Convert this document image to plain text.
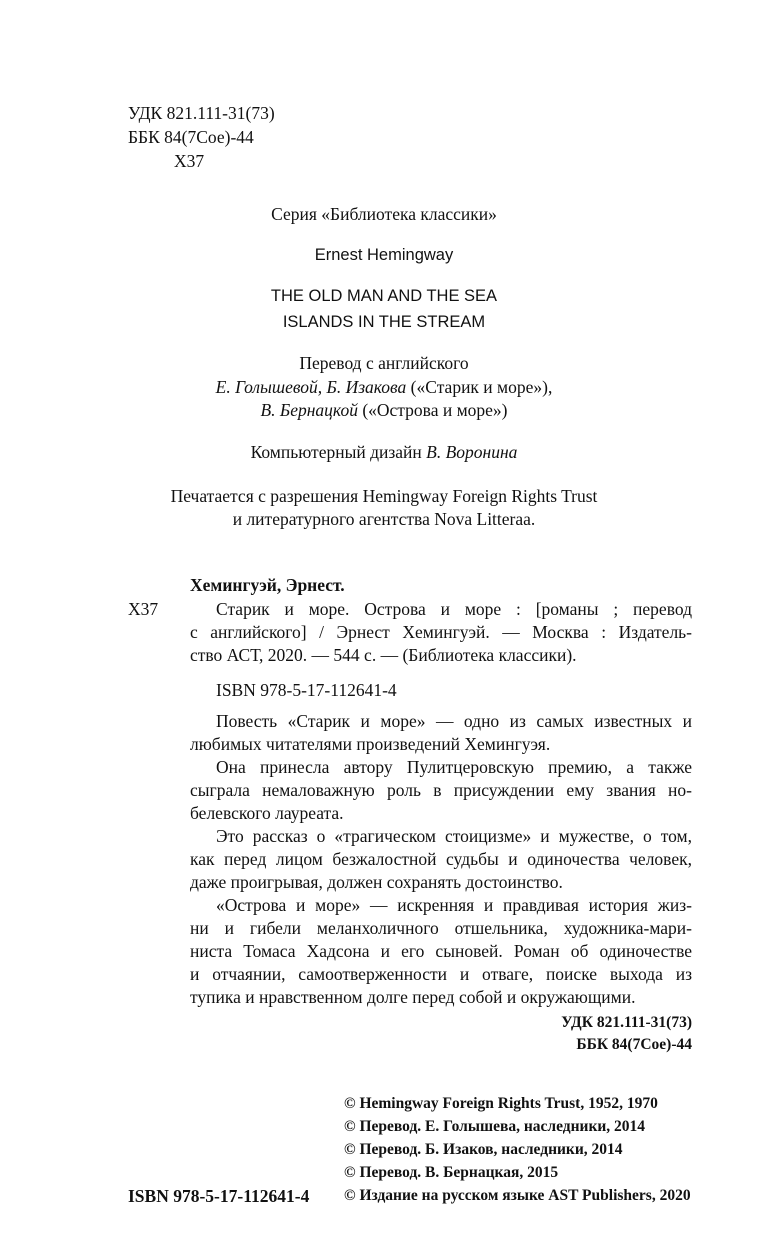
УДК 821.111-31(73)
ББК 84(7Сое)-44
Х37
Серия «Библиотека классики»
Ernest Hemingway
THE OLD MAN AND THE SEA
ISLANDS IN THE STREAM
Перевод с английского
Е. Голышевой, Б. Изакова («Старик и море»),
В. Бернацкой («Острова и море»)
Компьютерный дизайн В. Воронина
Печатается с разрешения Hemingway Foreign Rights Trust
и литературного агентства Nova Litteraа.
Хемингуэй, Эрнест.
Х37	Старик и море. Острова и море : [романы ; перевод
с английского] / Эрнест Хемингуэй. — Москва : Издатель-
ство АСТ, 2020. — 544 с. — (Библиотека классики).
ISBN 978-5-17-112641-4
Повесть «Старик и море» — одно из самых известных и
любимых читателями произведений Хемингуэя.
Она принесла автору Пулитцеровскую премию, а также
сыграла немаловажную роль в присуждении ему звания но-
белевского лауреата.
Это рассказ о «трагическом стоицизме» и мужестве, о том,
как перед лицом безжалостной судьбы и одиночества человек,
даже проигрывая, должен сохранять достоинство.
«Острова и море» — искренняя и правдивая история жиз-
ни и гибели меланхоличного отшельника, художника-мари-
ниста Томаса Хадсона и его сыновей. Роман об одиночестве
и отчаянии, самоотверженности и отваге, поиске выхода из
тупика и нравственном долге перед собой и окружающими.
УДК 821.111-31(73)
ББК 84(7Сое)-44
© Hemingway Foreign Rights Trust, 1952, 1970
© Перевод. Е. Голышева, наследники, 2014
© Перевод. Б. Изаков, наследники, 2014
© Перевод. В. Бернацкая, 2015
© Издание на русском языке AST Publishers, 2020
ISBN 978-5-17-112641-4
